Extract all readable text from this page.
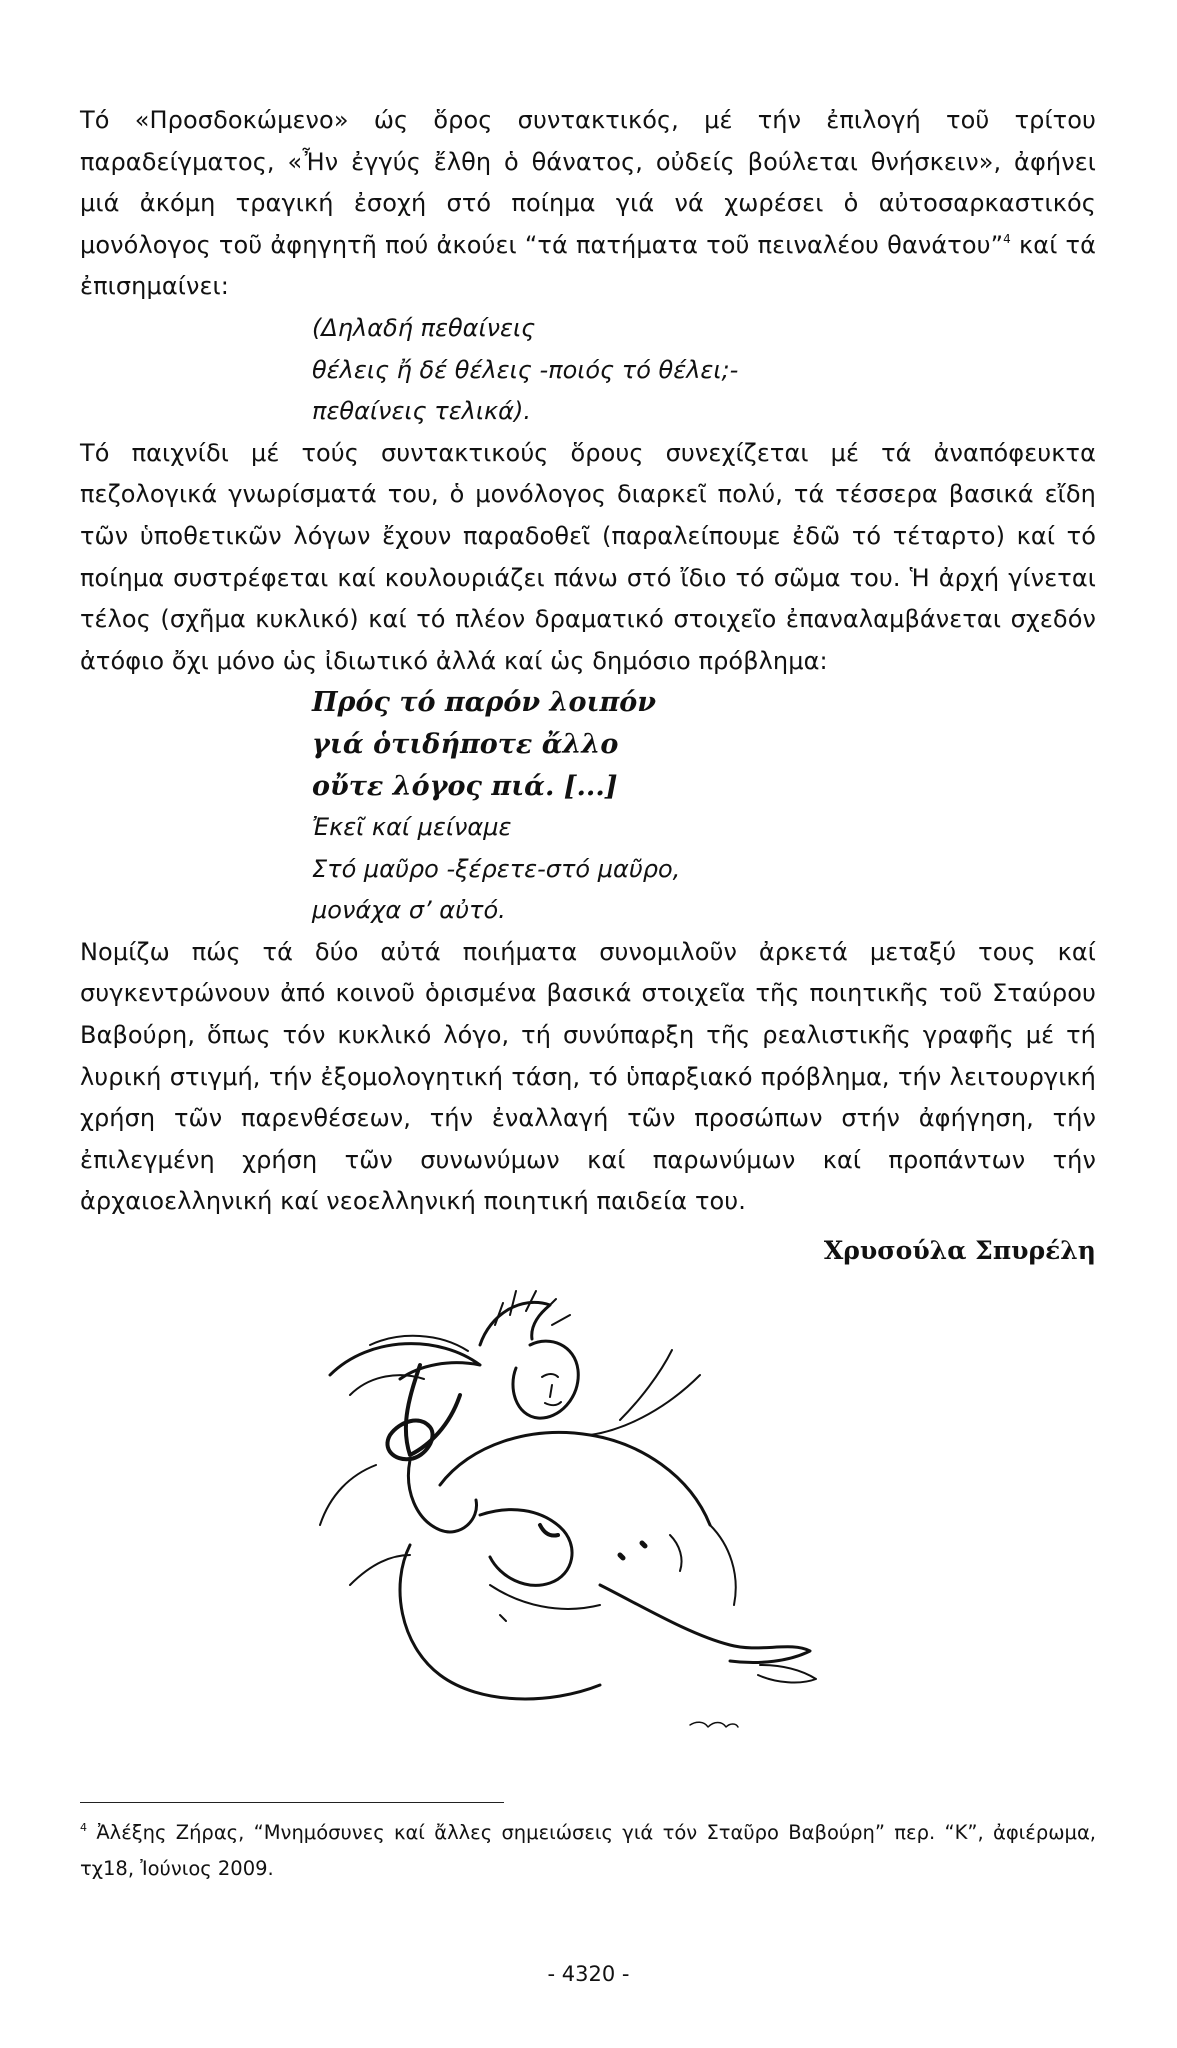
Τό «Προσδοκώμενο» ώς ὅρος συντακτικός, μέ τήν ἐπιλογή τοῦ τρίτου παραδείγματος, «Ἦν ἐγγύς ἔλθη ὁ θάνατος, οὐδείς βούλεται θνήσκειν», ἀφήνει μιά ἀκόμη τραγική ἐσοχή στό ποίημα γιά νά χωρέσει ὁ αὐτοσαρκαστικός μονόλογος τοῦ ἀφηγητῆ πού ἀκούει “τά πατήματα τοῦ πειναλέου θανάτου”$^4$ καί τά ἐπισημαίνει:

(Δηλαδή πεθαίνεις
θέλεις ἤ δέ θέλεις -ποιός τό θέλει;-
πεθαίνεις τελικά).

Τό παιχνίδι μέ τούς συντακτικούς ὅρους συνεχίζεται μέ τά ἀναπόφευκτα πεζολογικά γνωρίσματά του, ὁ μονόλογος διαρκεῖ πολύ, τά τέσσερα βασικά εἴδη τῶν ὑποθετικῶν λόγων ἔχουν παραδοθεῖ (παραλείπουμε ἐδῶ τό τέταρτο) καί τό ποίημα συστρέφεται καί κουλουριάζει πάνω στό ἴδιο τό σῶμα του. Ἡ ἀρχή γίνεται τέλος (σχῆμα κυκλικό) καί τό πλέον δραματικό στοιχεῖο ἐπαναλαμβάνεται σχεδόν ἀτόφιο ὄχι μόνο ὡς ἰδιωτικό ἀλλά καί ὡς δημόσιο πρόβλημα:

Πρός τό παρόν λοιπόν
γιά ὁτιδήποτε ἄλλο
οὔτε λόγος πιά. [...]
Ἐκεῖ καί μείναμε
Στό μαῦρο -ξέρετε-στό μαῦρο,
μονάχα σ’ αὐτό.

Νομίζω πώς τά δύο αὐτά ποιήματα συνομιλοῦν ἀρκετά μεταξύ τους καί συγκεντρώνουν ἀπό κοινοῦ ὁρισμένα βασικά στοιχεῖα τῆς ποιητικῆς τοῦ Σταύρου Βαβούρη, ὅπως τόν κυκλικό λόγο, τή συνύπαρξη τῆς ρεαλιστικῆς γραφῆς μέ τή λυρική στιγμή, τήν ἐξομολογητική τάση, τό ὑπαρξιακό πρόβλημα, τήν λειτουργική χρήση τῶν παρενθέσεων, τήν ἐναλλαγή τῶν προσώπων στήν ἀφήγηση, τήν ἐπιλεγμένη χρήση τῶν συνωνύμων καί παρωνύμων καί προπάντων τήν ἀρχαιοελληνική καί νεοελληνική ποιητική παιδεία του.

Χρυσούλα Σπυρέλη

$^4$ Ἀλέξης Ζήρας, “Μνημόσυνες καί ἄλλες σημειώσεις γιά τόν Σταῦρο Βαβούρη” περ. “Κ”, ἀφιέρωμα, τχ18, Ἰούνιος 2009.

- 4320 -
